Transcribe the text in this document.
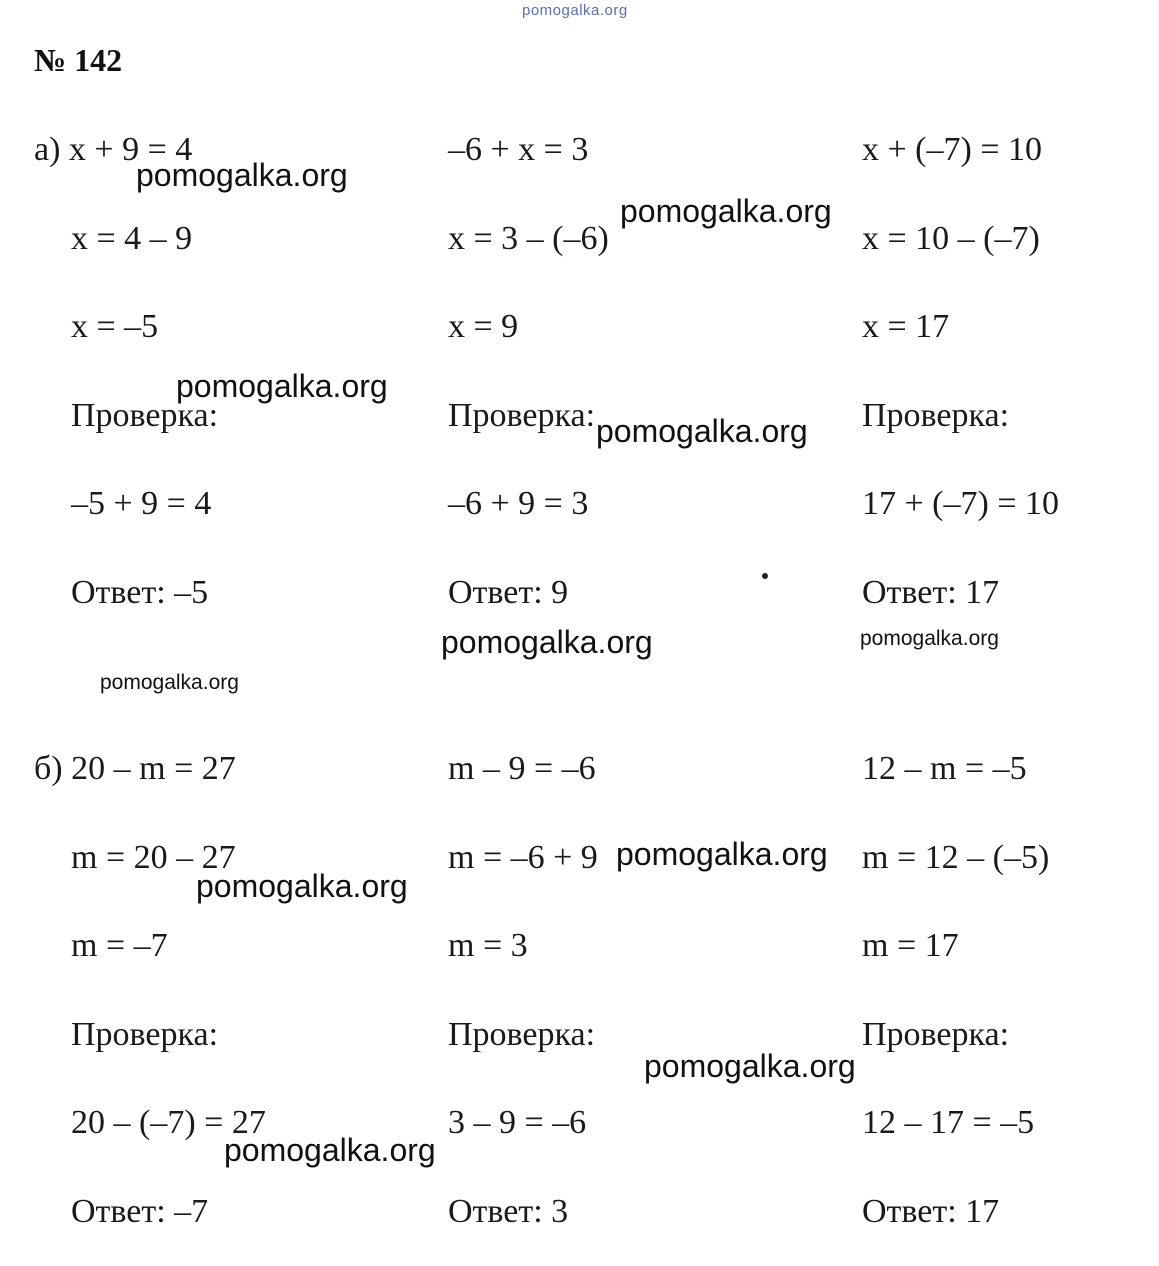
pomogalka.org
№ 142
а) x + 9 = 4
x = 4 – 9
x = –5
Проверка:
–5 + 9 = 4
Ответ: –5
–6 + x = 3
x = 3 – (–6)
x = 9
Проверка:
–6 + 9 = 3
Ответ: 9
x + (–7) = 10
x = 10 – (–7)
x = 17
Проверка:
17 + (–7) = 10
Ответ: 17
б) 20 – m = 27
m = 20 – 27
m = –7
Проверка:
20 – (–7) = 27
Ответ: –7
m – 9 = –6
m = –6 + 9
m = 3
Проверка:
3 – 9 = –6
Ответ: 3
12 – m = –5
m = 12 – (–5)
m = 17
Проверка:
12 – 17 = –5
Ответ: 17
pomogalka.org
pomogalka.org
pomogalka.org
pomogalka.org
pomogalka.org	pomogalka.org
pomogalka.org
pomogalka.org
pomogalka.org
pomogalka.org
pomogalka.org
